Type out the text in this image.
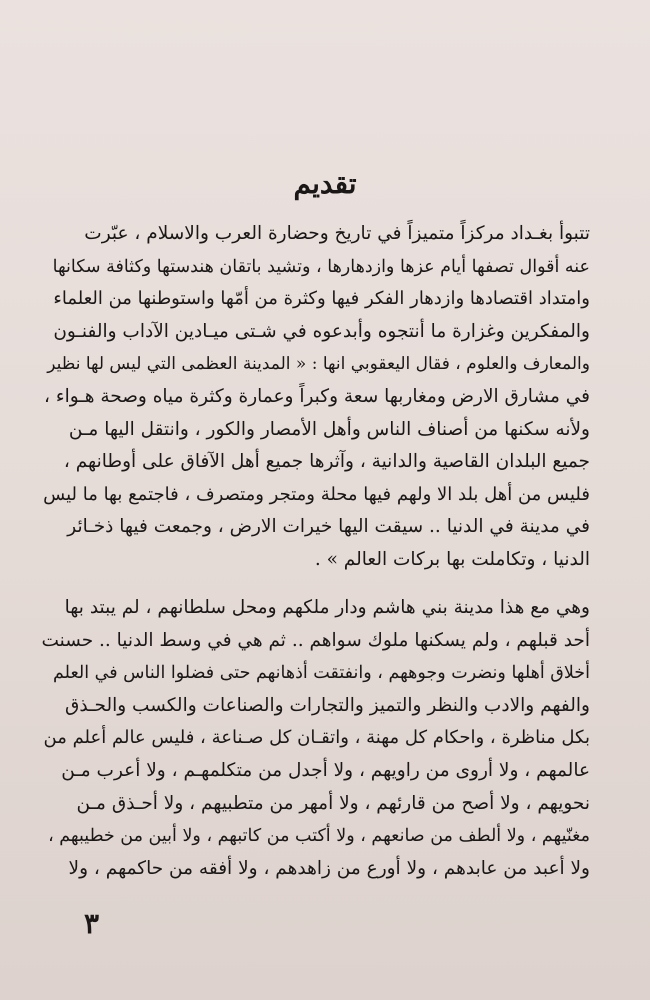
تقديم
تتبوأ بغـداد مركزاً متميزاً في تاريخ وحضارة العرب والاسلام ، عبّرت
عنه أقوال تصفها أيام عزها وازدهارها ، وتشيد باتقان هندستها وكثافة سكانها
وامتداد اقتصادها وازدهار الفكر فيها وكثرة من أمّها واستوطنها من العلماء
والمفكرين وغزارة ما أنتجوه وأبدعوه في شـتى ميـادين الآداب والفنـون
والمعارف والعلوم ، فقال اليعقوبي انها : « المدينة العظمى التي ليس لها نظير
في مشارق الارض ومغاربها سعة وكبراً وعمارة وكثرة مياه وصحة هـواء ،
ولأنه سكنها من أصناف الناس وأهل الأمصار والكور ، وانتقل اليها مـن
جميع البلدان القاصية والدانية ، وآثرها جميع أهل الآفاق على أوطانهم ،
فليس من أهل بلد الا ولهم فيها محلة ومتجر ومتصرف ، فاجتمع بها ما ليس
في مدينة في الدنيا .. سيقت اليها خيرات الارض ، وجمعت فيها ذخـائر
الدنيا ، وتكاملت بها بركات العالم » .
وهي مع هذا مدينة بني هاشم ودار ملكهم ومحل سلطانهم ، لم يبتد بها
أحد قبلهم ، ولم يسكنها ملوك سواهم .. ثم هي في وسط الدنيا .. حسنت
أخلاق أهلها ونضرت وجوههم ، وانفتقت أذهانهم حتى فضلوا الناس في العلم
والفهم والادب والنظر والتميز والتجارات والصناعات والكسب والحـذق
بكل مناظرة ، واحكام كل مهنة ، واتقـان كل صـناعة ، فليس عالم أعلم من
عالمهم ، ولا أروى من راويهم ، ولا أجدل من متكلمهـم ، ولا أعرب مـن
نحويهم ، ولا أصح من قارئهم ، ولا أمهر من متطبيهم ، ولا أحـذق مـن
مغنّيهم ، ولا ألطف من صانعهم ، ولا أكتب من كاتبهم ، ولا أبين من خطيبهم ،
ولا أعبد من عابدهم ، ولا أورع من زاهدهم ، ولا أفقه من حاكمهم ، ولا
٣
